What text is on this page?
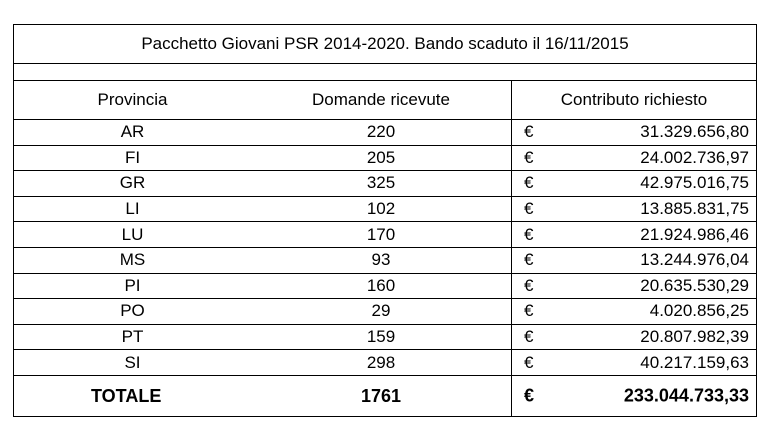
Pacchetto Giovani PSR 2014-2020. Bando scaduto il 16/11/2015
Provincia	Domande ricevute	Contributo richiesto
AR	220	€	31.329.656,80
FI	205	€	24.002.736,97
GR	325	€	42.975.016,75
LI	102	€	13.885.831,75
LU	170	€	21.924.986,46
MS	93	€	13.244.976,04
PI	160	€	20.635.530,29
PO	29	€	4.020.856,25
PT	159	€	20.807.982,39
SI	298	€	40.217.159,63
TOTALE	1761	€	233.044.733,33
